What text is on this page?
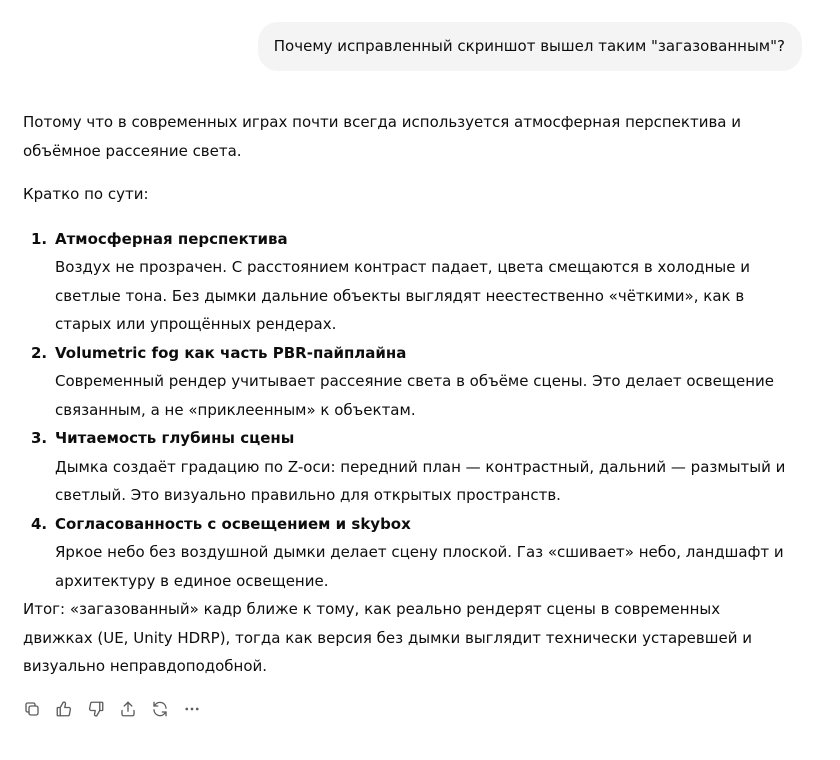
Почему исправленный скриншот вышел таким "загазованным"?

Потому что в современных играх почти всегда используется атмосферная перспектива и объёмное рассеяние света.

Кратко по сути:

1. Атмосферная перспектива
Воздух не прозрачен. С расстоянием контраст падает, цвета смещаются в холодные и светлые тона. Без дымки дальние объекты выглядят неестественно «чёткими», как в старых или упрощённых рендерах.
2. Volumetric fog как часть PBR-пайплайна
Современный рендер учитывает рассеяние света в объёме сцены. Это делает освещение связанным, а не «приклеенным» к объектам.
3. Читаемость глубины сцены
Дымка создаёт градацию по Z-оси: передний план — контрастный, дальний — размытый и светлый. Это визуально правильно для открытых пространств.
4. Согласованность с освещением и skybox
Яркое небо без воздушной дымки делает сцену плоской. Газ «сшивает» небо, ландшафт и архитектуру в единое освещение.

Итог: «загазованный» кадр ближе к тому, как реально рендерят сцены в современных движках (UE, Unity HDRP), тогда как версия без дымки выглядит технически устаревшей и визуально неправдоподобной.
